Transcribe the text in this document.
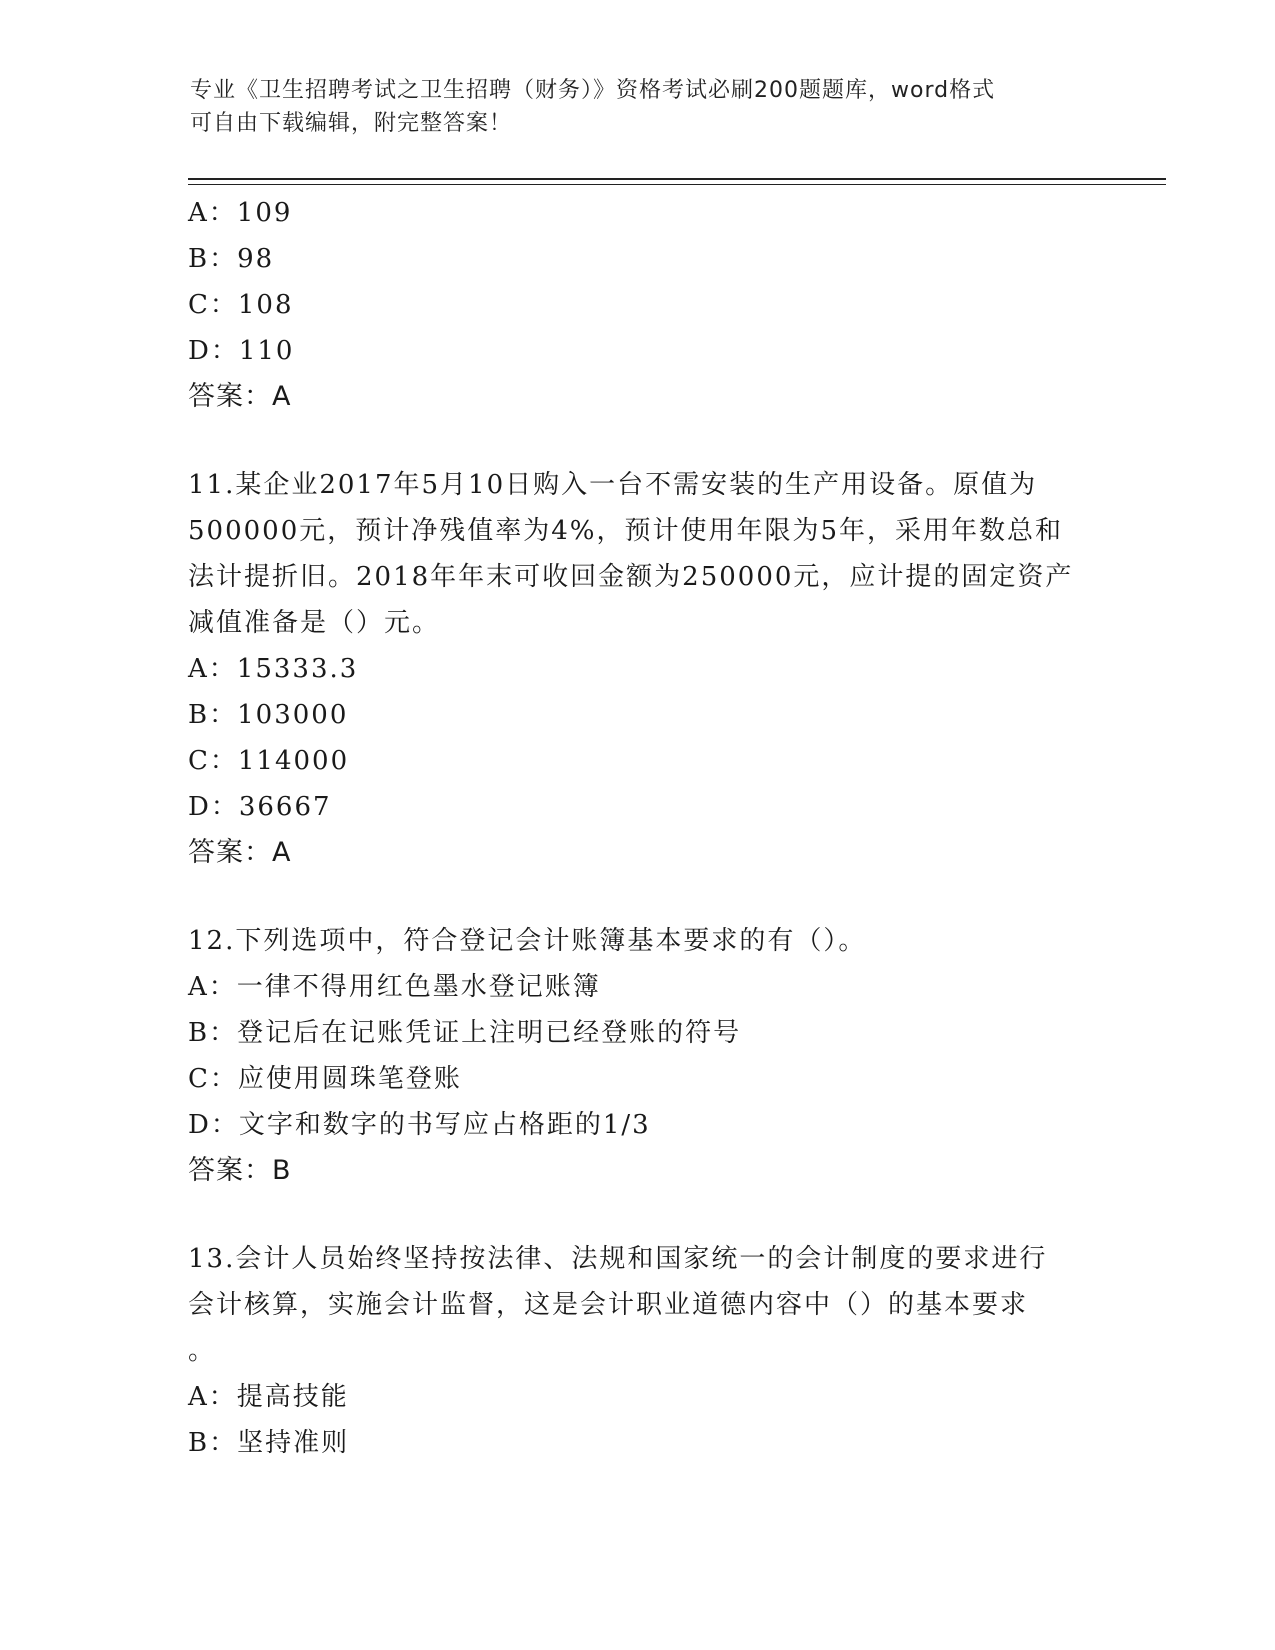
专业《卫生招聘考试之卫生招聘（财务）》资格考试必刷200题题库，word格式
可自由下载编辑，附完整答案！
A：109
B：98
C：108
D：110
答案：A
11.某企业2017年5月10日购入一台不需安装的生产用设备。原值为
500000元，预计净残值率为4%，预计使用年限为5年，采用年数总和
法计提折旧。2018年年末可收回金额为250000元，应计提的固定资产
减值准备是（）元。
A：15333.3
B：103000
C：114000
D：36667
答案：A
12.下列选项中，符合登记会计账簿基本要求的有（）。
A：一律不得用红色墨水登记账簿
B：登记后在记账凭证上注明已经登账的符号
C：应使用圆珠笔登账
D：文字和数字的书写应占格距的1/3
答案：B
13.会计人员始终坚持按法律、法规和国家统一的会计制度的要求进行
会计核算，实施会计监督，这是会计职业道德内容中（）的基本要求
。
A：提高技能
B：坚持准则
